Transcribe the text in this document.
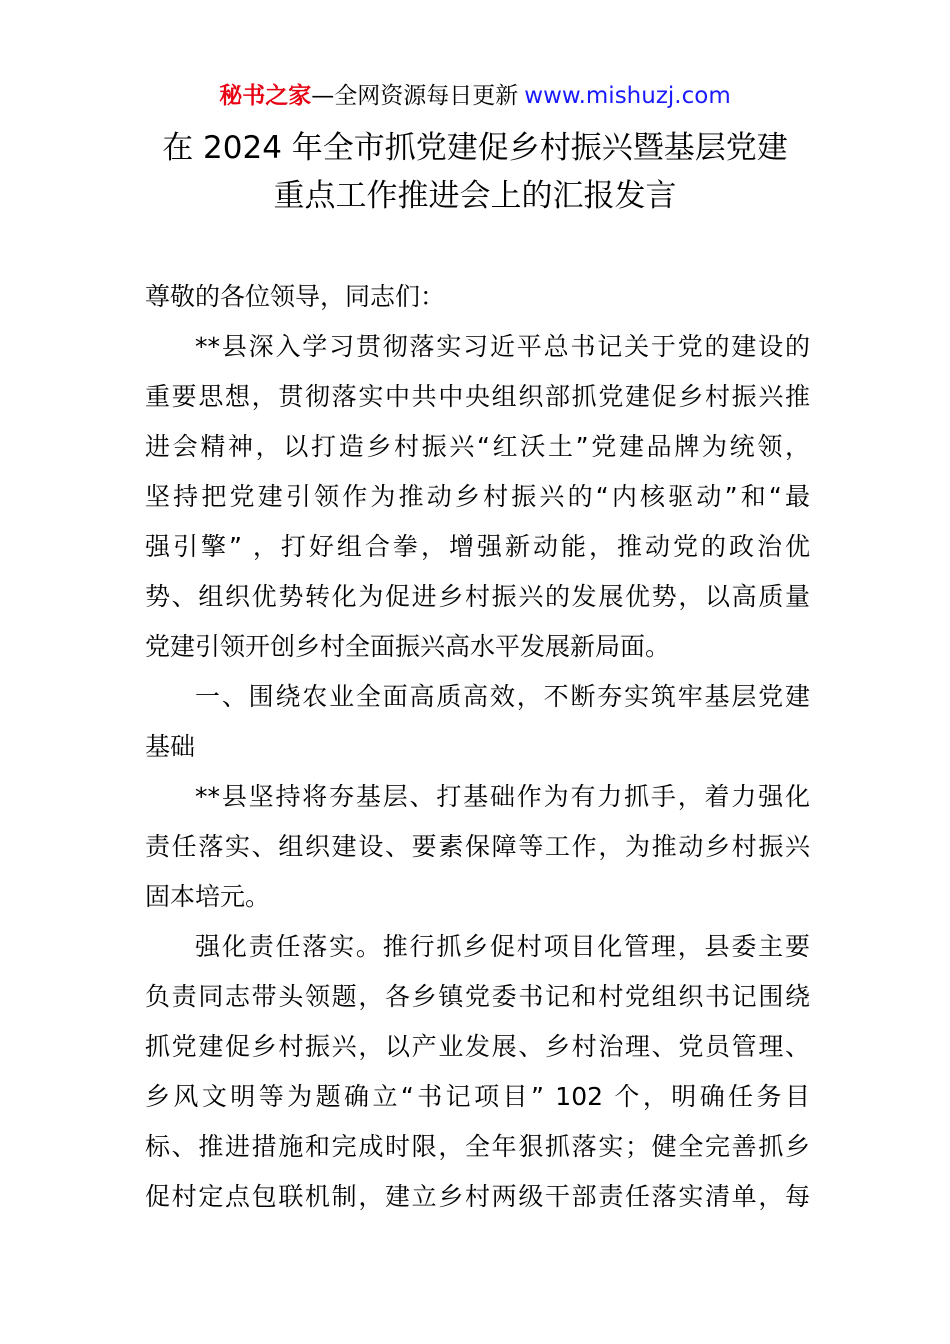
秘书之家—全网资源每日更新 www.mishuzj.com
在 2024 年全市抓党建促乡村振兴暨基层党建
重点工作推进会上的汇报发言
尊敬的各位领导，同志们：
**县深入学习贯彻落实习近平总书记关于党的建设的
重要思想，贯彻落实中共中央组织部抓党建促乡村振兴推
进会精神，以打造乡村振兴“红沃土”党建品牌为统领，
坚持把党建引领作为推动乡村振兴的“内核驱动”和“最
强引擎” ，打好组合拳，增强新动能，推动党的政治优
势、组织优势转化为促进乡村振兴的发展优势，以高质量
党建引领开创乡村全面振兴高水平发展新局面。
一、围绕农业全面高质高效，不断夯实筑牢基层党建
基础
**县坚持将夯基层、打基础作为有力抓手，着力强化
责任落实、组织建设、要素保障等工作，为推动乡村振兴
固本培元。
强化责任落实。推行抓乡促村项目化管理，县委主要
负责同志带头领题，各乡镇党委书记和村党组织书记围绕
抓党建促乡村振兴，以产业发展、乡村治理、党员管理、
乡风文明等为题确立“书记项目” 102 个，明确任务目
标、推进措施和完成时限，全年狠抓落实；健全完善抓乡
促村定点包联机制，建立乡村两级干部责任落实清单，每
